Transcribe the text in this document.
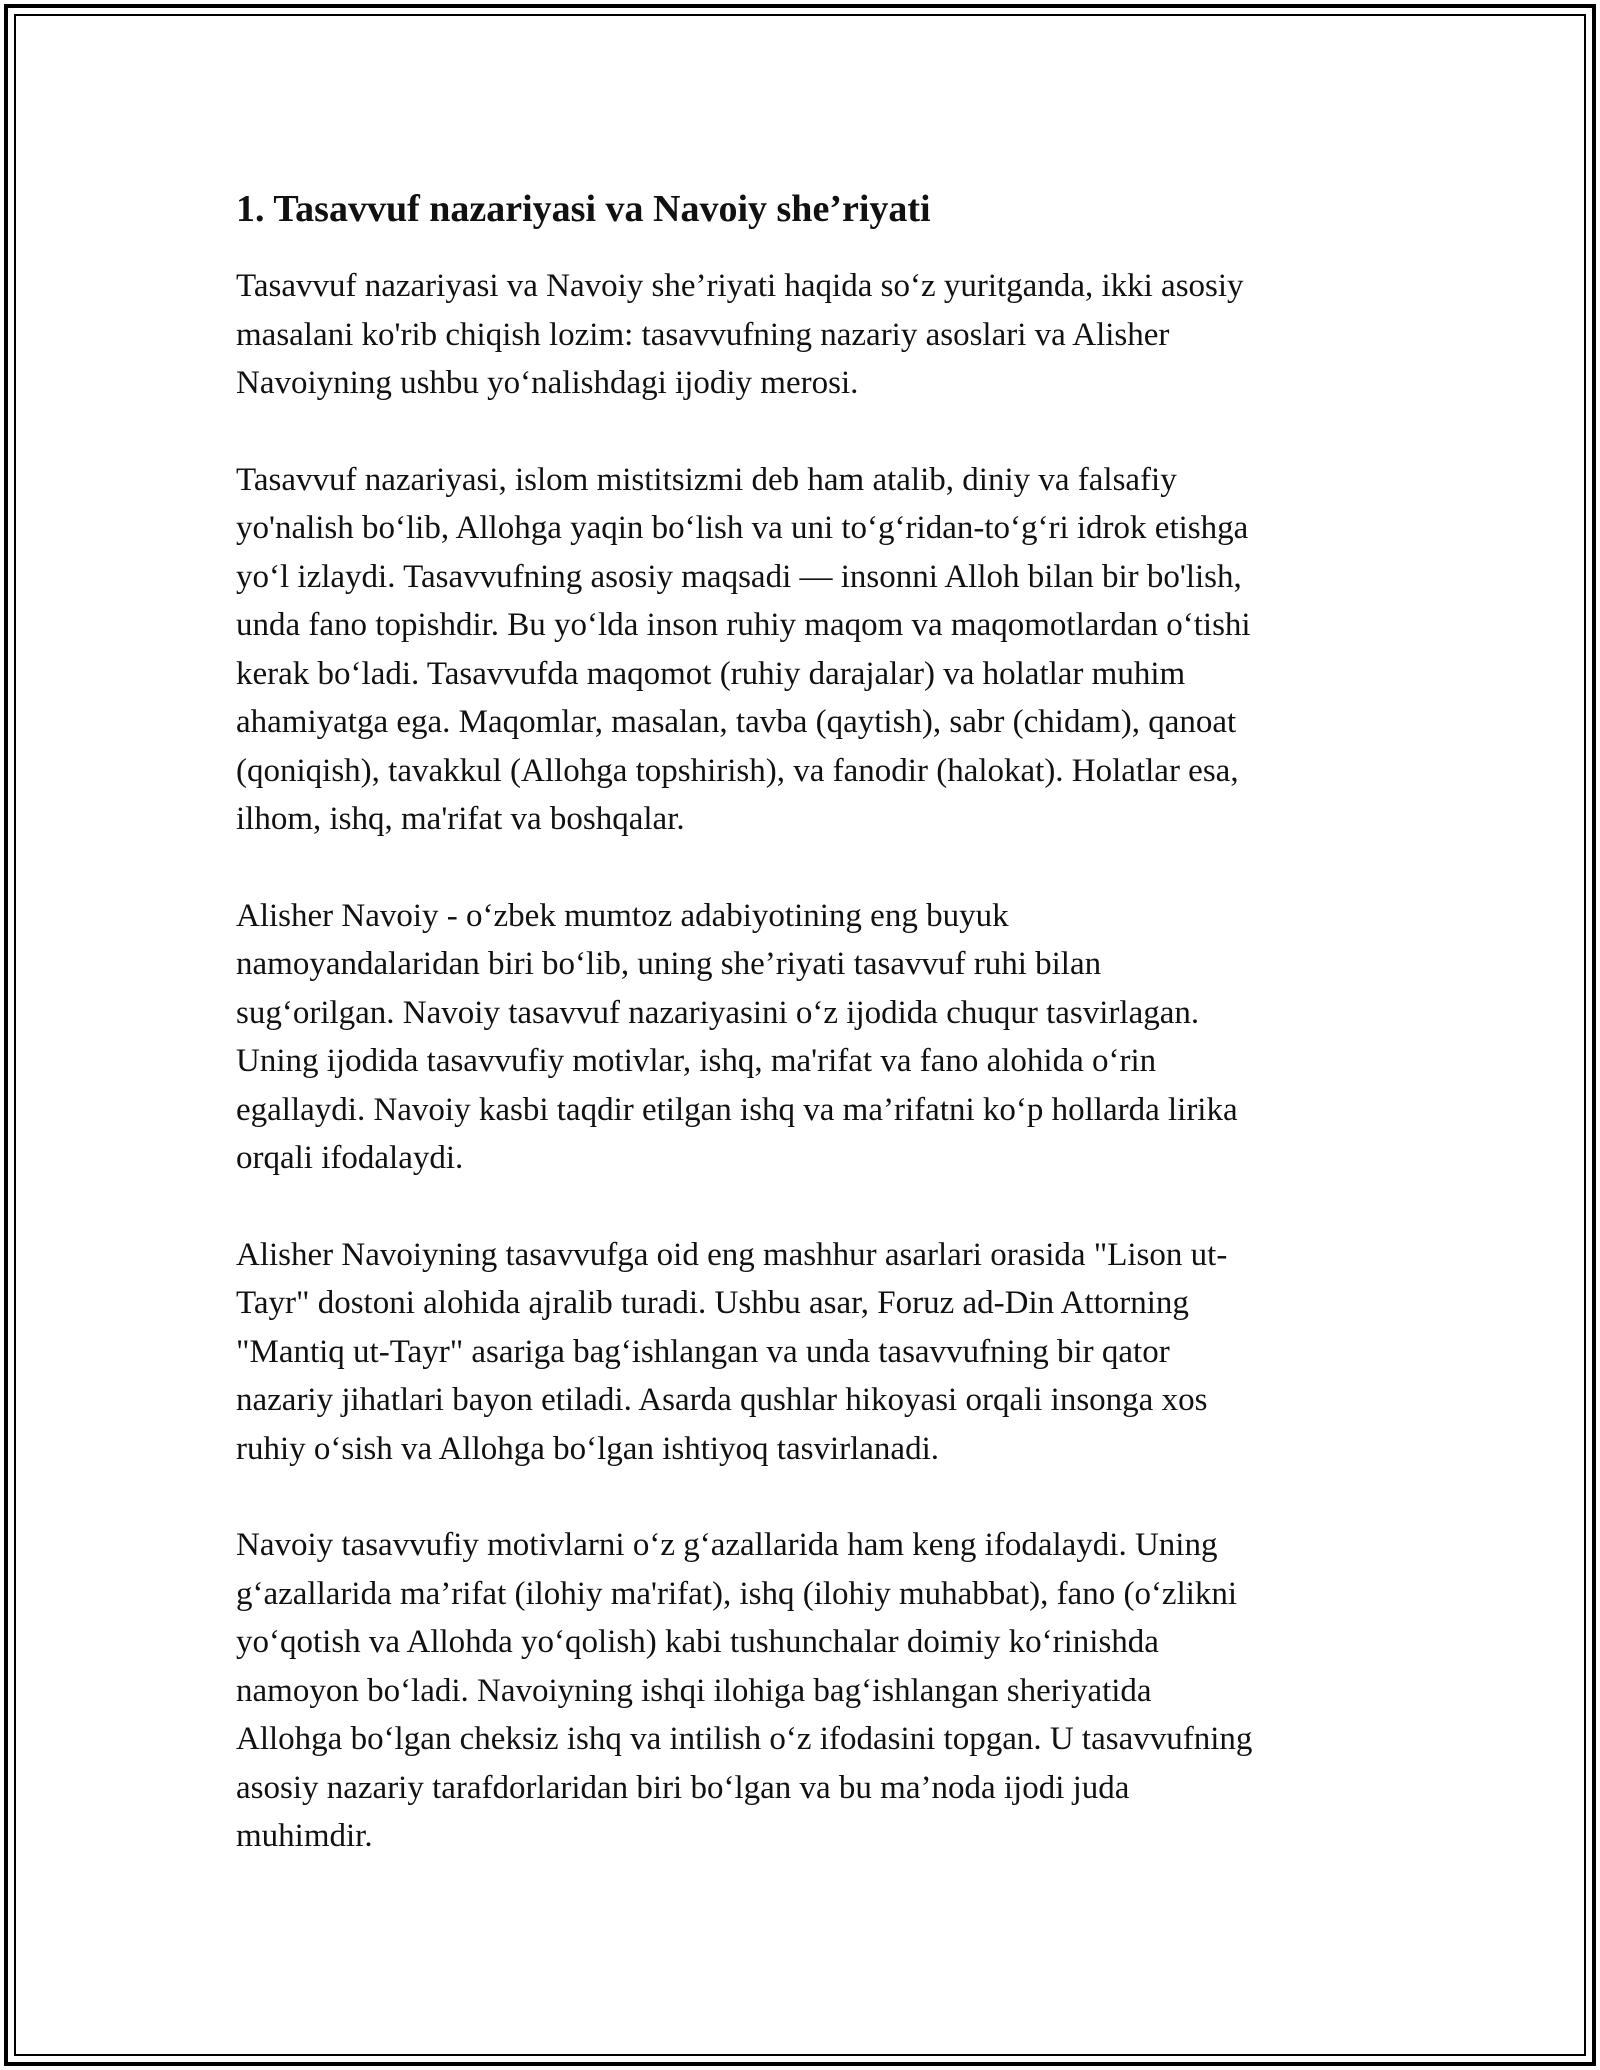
1. Tasavvuf nazariyasi va Navoiy she’riyati

Tasavvuf nazariyasi va Navoiy she’riyati haqida so‘z yuritganda, ikki asosiy
masalani ko'rib chiqish lozim: tasavvufning nazariy asoslari va Alisher
Navoiyning ushbu yo‘nalishdagi ijodiy merosi.

Tasavvuf nazariyasi, islom mistitsizmi deb ham atalib, diniy va falsafiy
yo'nalish bo‘lib, Allohga yaqin bo‘lish va uni to‘g‘ridan-to‘g‘ri idrok etishga
yo‘l izlaydi. Tasavvufning asosiy maqsadi — insonni Alloh bilan bir bo'lish,
unda fano topishdir. Bu yo‘lda inson ruhiy maqom va maqomotlardan o‘tishi
kerak bo‘ladi. Tasavvufda maqomot (ruhiy darajalar) va holatlar muhim
ahamiyatga ega. Maqomlar, masalan, tavba (qaytish), sabr (chidam), qanoat
(qoniqish), tavakkul (Allohga topshirish), va fanodir (halokat). Holatlar esa,
ilhom, ishq, ma'rifat va boshqalar.

Alisher Navoiy - o‘zbek mumtoz adabiyotining eng buyuk
namoyandalaridan biri bo‘lib, uning she’riyati tasavvuf ruhi bilan
sug‘orilgan. Navoiy tasavvuf nazariyasini o‘z ijodida chuqur tasvirlagan.
Uning ijodida tasavvufiy motivlar, ishq, ma'rifat va fano alohida o‘rin
egallaydi. Navoiy kasbi taqdir etilgan ishq va ma’rifatni ko‘p hollarda lirika
orqali ifodalaydi.

Alisher Navoiyning tasavvufga oid eng mashhur asarlari orasida "Lison ut-
Tayr" dostoni alohida ajralib turadi. Ushbu asar, Foruz ad-Din Attorning
"Mantiq ut-Tayr" asariga bag‘ishlangan va unda tasavvufning bir qator
nazariy jihatlari bayon etiladi. Asarda qushlar hikoyasi orqali insonga xos
ruhiy o‘sish va Allohga bo‘lgan ishtiyoq tasvirlanadi.

Navoiy tasavvufiy motivlarni o‘z g‘azallarida ham keng ifodalaydi. Uning
g‘azallarida ma’rifat (ilohiy ma'rifat), ishq (ilohiy muhabbat), fano (o‘zlikni
yo‘qotish va Allohda yo‘qolish) kabi tushunchalar doimiy ko‘rinishda
namoyon bo‘ladi. Navoiyning ishqi ilohiga bag‘ishlangan sheriyatida
Allohga bo‘lgan cheksiz ishq va intilish o‘z ifodasini topgan. U tasavvufning
asosiy nazariy tarafdorlaridan biri bo‘lgan va bu ma’noda ijodi juda
muhimdir.
